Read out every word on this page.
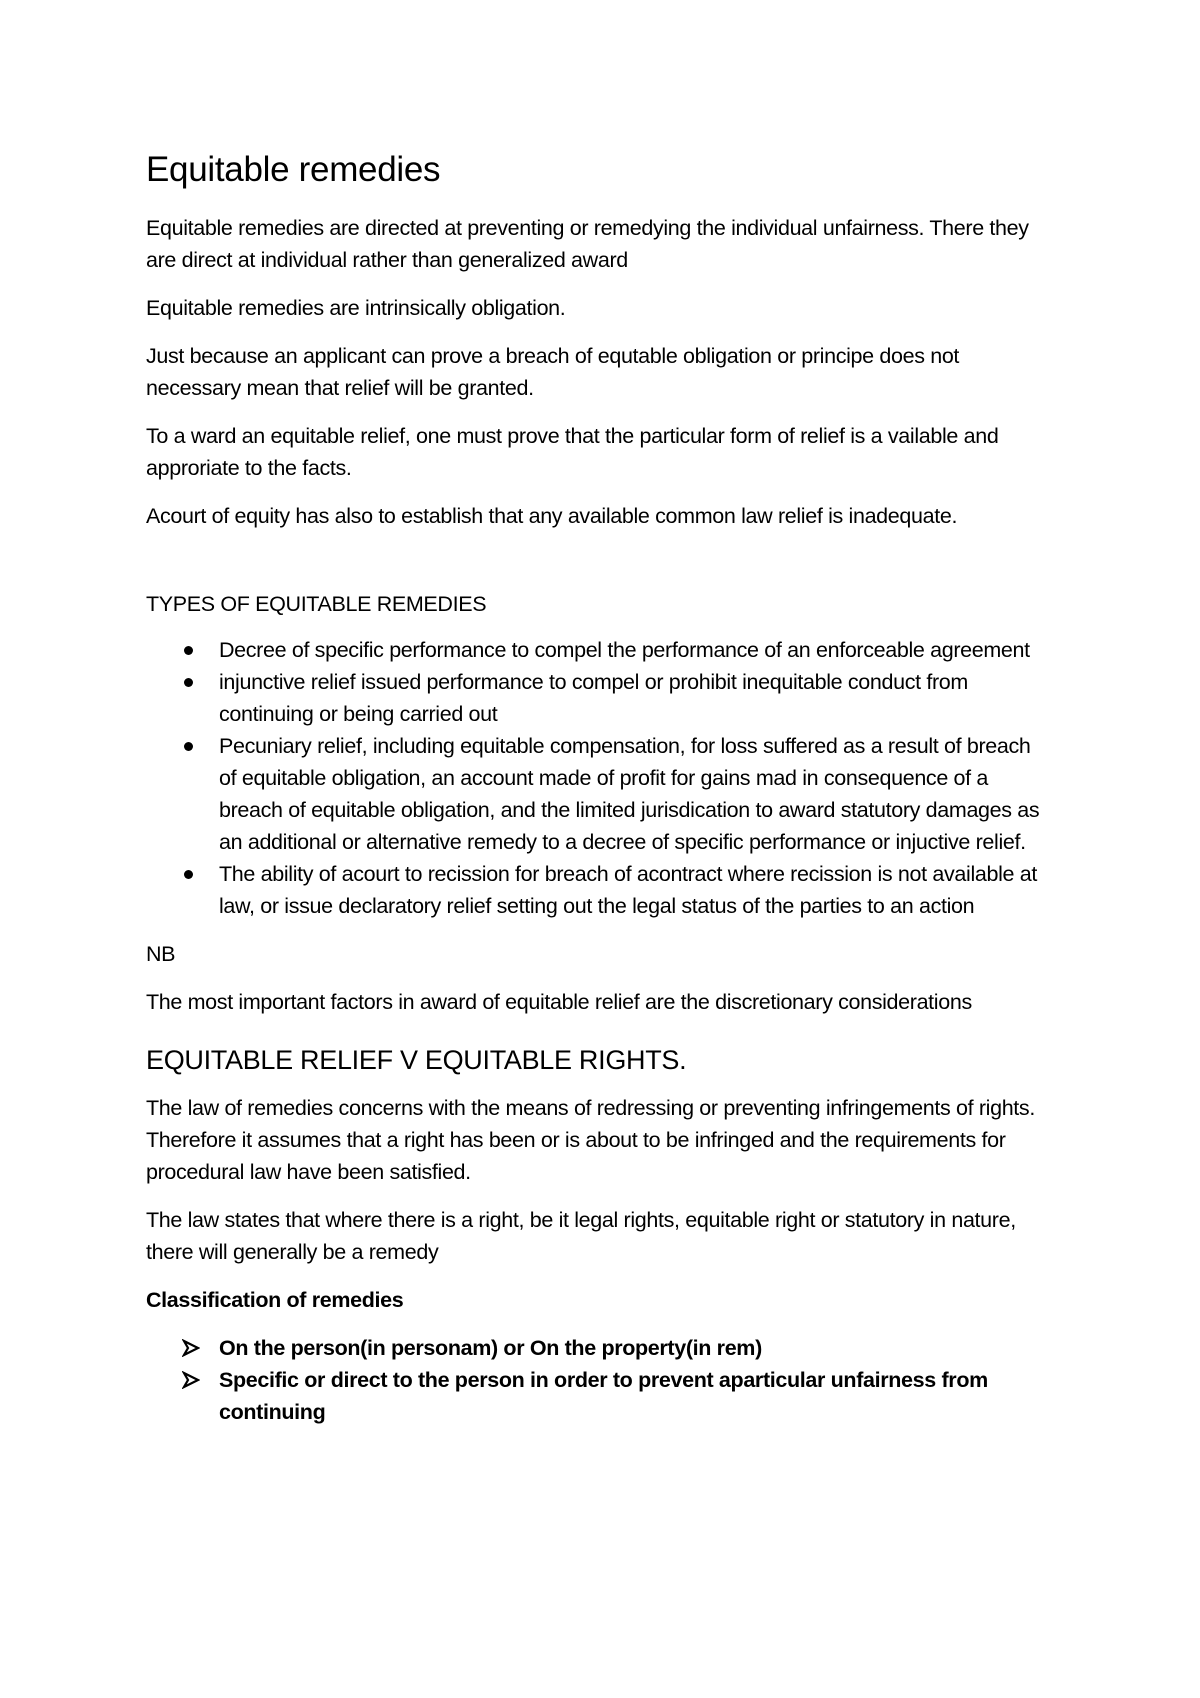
Equitable remedies

Equitable remedies are directed at preventing or remedying the individual unfairness. There they are direct at individual rather than generalized award

Equitable remedies are intrinsically obligation.

Just because an applicant can prove a breach of equtable obligation or principe does not necessary mean that relief will be granted.

To a ward an equitable relief, one must prove that the particular form of relief is a vailable and approriate to the facts.

Acourt of equity has also to establish that any available common law relief is inadequate.

TYPES OF EQUITABLE REMEDIES
Decree of specific performance to compel the performance of an enforceable agreement
injunctive relief issued performance to compel or prohibit inequitable conduct from continuing or being carried out
Pecuniary relief, including equitable compensation, for loss suffered as a result of breach of equitable obligation, an account made of profit for gains mad in consequence of a breach of equitable obligation, and the limited jurisdication to award statutory damages as an additional or alternative remedy to a decree of specific performance or injuctive relief.
The ability of acourt to recission for breach of acontract where recission is not available at law, or issue declaratory relief setting out the legal status of the parties to an action

NB

The most important factors in award of equitable relief are the discretionary considerations

EQUITABLE RELIEF V EQUITABLE RIGHTS.

The law of remedies concerns with the means of redressing or preventing infringements of rights. Therefore it assumes that a right has been or is about to be infringed and the requirements for procedural law have been satisfied.

The law states that where there is a right, be it legal rights, equitable right or statutory in nature, there will generally be a remedy

Classification of remedies

On the person(in personam) or On the property(in rem)
Specific or direct to the person in order to prevent aparticular unfairness from continuing
